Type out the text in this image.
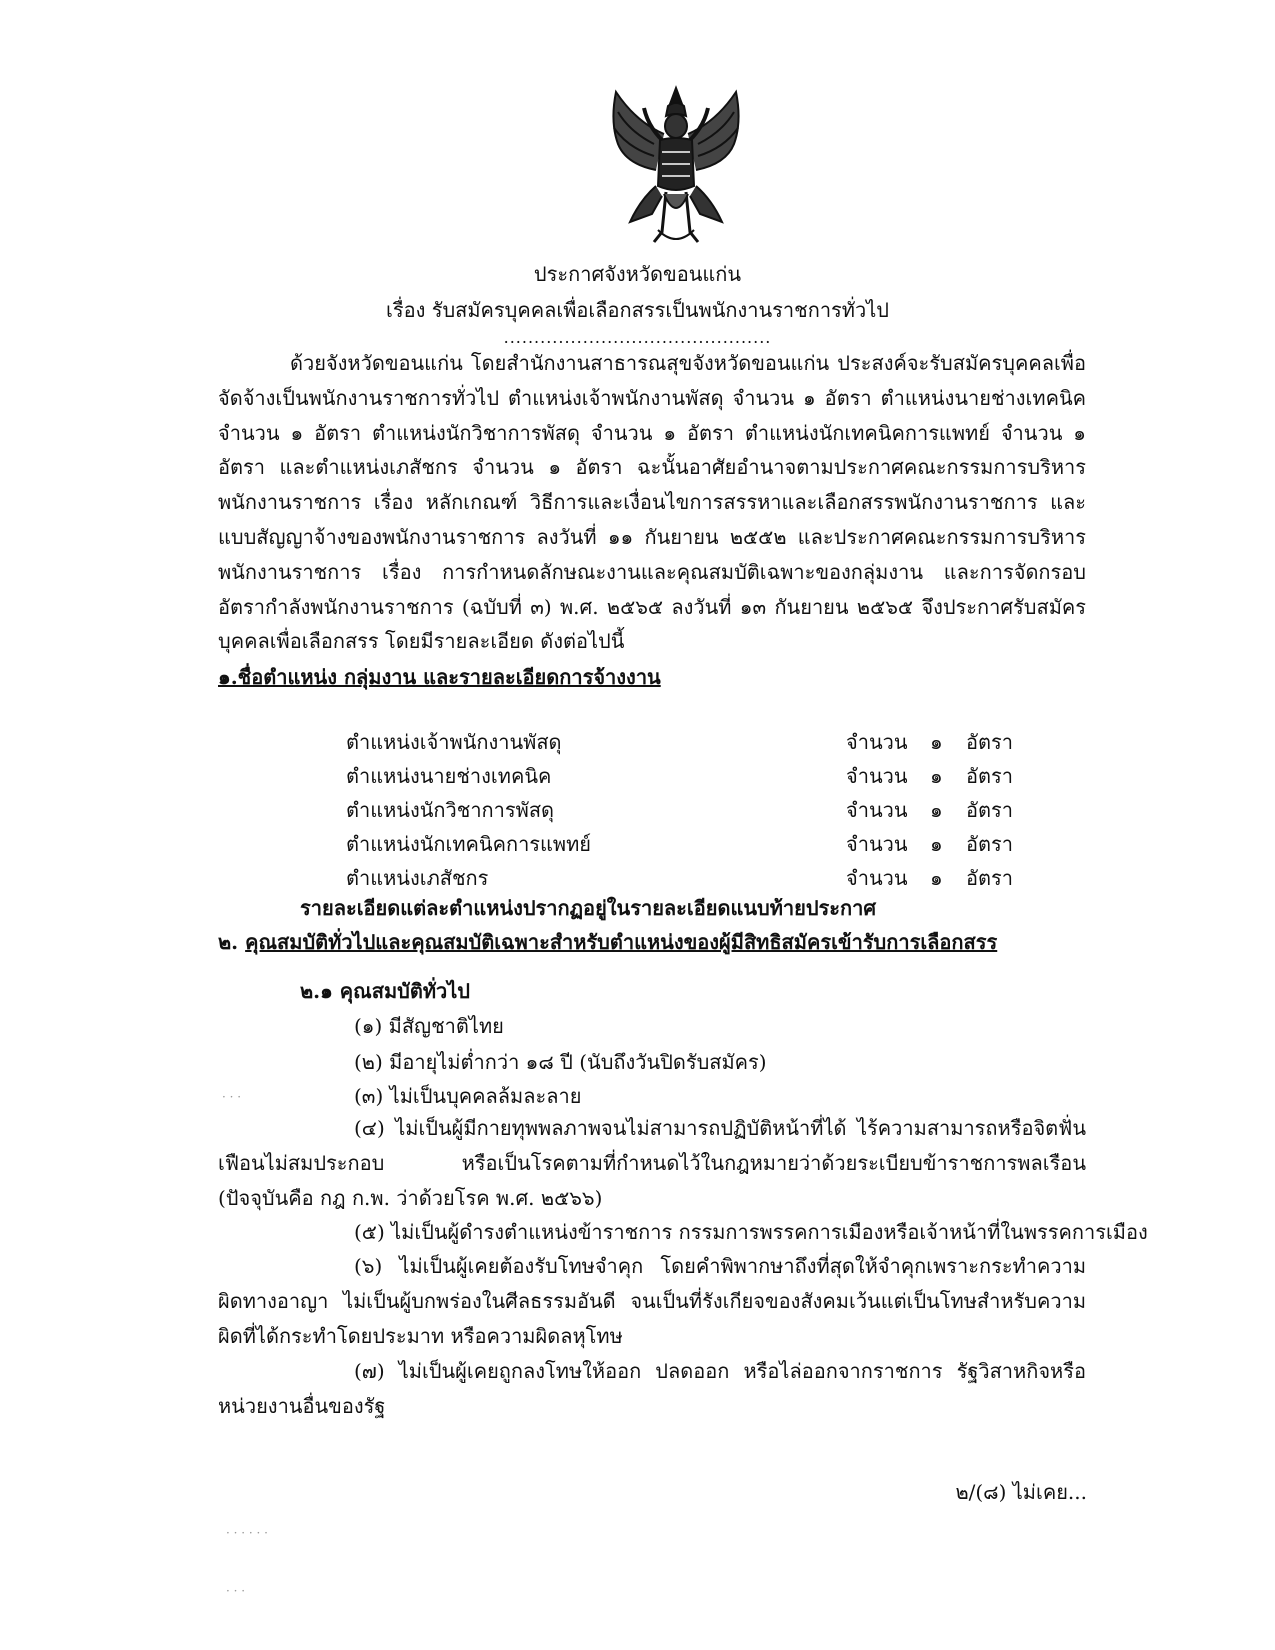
ประกาศจังหวัดขอนแก่น
เรื่อง รับสมัครบุคคลเพื่อเลือกสรรเป็นพนักงานราชการทั่วไป
............................................
ด้วยจังหวัดขอนแก่น โดยสำนักงานสาธารณสุขจังหวัดขอนแก่น ประสงค์จะรับสมัครบุคคลเพื่อจัดจ้างเป็นพนักงานราชการทั่วไป ตำแหน่งเจ้าพนักงานพัสดุ จำนวน ๑ อัตรา ตำแหน่งนายช่างเทคนิค จำนวน ๑ อัตรา ตำแหน่งนักวิชาการพัสดุ จำนวน ๑ อัตรา ตำแหน่งนักเทคนิคการแพทย์ จำนวน ๑ อัตรา และตำแหน่งเภสัชกร จำนวน ๑ อัตรา ฉะนั้นอาศัยอำนาจตามประกาศคณะกรรมการบริหารพนักงานราชการ เรื่อง หลักเกณฑ์ วิธีการและเงื่อนไขการสรรหาและเลือกสรรพนักงานราชการ และแบบสัญญาจ้างของพนักงานราชการ ลงวันที่ ๑๑ กันยายน ๒๕๕๒ และประกาศคณะกรรมการบริหารพนักงานราชการ เรื่อง การกำหนดลักษณะงานและคุณสมบัติเฉพาะของกลุ่มงาน และการจัดกรอบอัตรากำลังพนักงานราชการ (ฉบับที่ ๓) พ.ศ. ๒๕๖๕ ลงวันที่ ๑๓ กันยายน ๒๕๖๕ จึงประกาศรับสมัครบุคคลเพื่อเลือกสรร โดยมีรายละเอียด ดังต่อไปนี้
๑.ชื่อตำแหน่ง กลุ่มงาน และรายละเอียดการจ้างงาน
ตำแหน่งเจ้าพนักงานพัสดุ	จำนวน ๑ อัตรา
ตำแหน่งนายช่างเทคนิค	จำนวน ๑ อัตรา
ตำแหน่งนักวิชาการพัสดุ	จำนวน ๑ อัตรา
ตำแหน่งนักเทคนิคการแพทย์	จำนวน ๑ อัตรา
ตำแหน่งเภสัชกร	จำนวน ๑ อัตรา
รายละเอียดแต่ละตำแหน่งปรากฏอยู่ในรายละเอียดแนบท้ายประกาศ
๒. คุณสมบัติทั่วไปและคุณสมบัติเฉพาะสำหรับตำแหน่งของผู้มีสิทธิสมัครเข้ารับการเลือกสรร
๒.๑ คุณสมบัติทั่วไป
(๑) มีสัญชาติไทย
(๒) มีอายุไม่ต่ำกว่า ๑๘ ปี (นับถึงวันปิดรับสมัคร)
(๓) ไม่เป็นบุคคลล้มละลาย
(๔) ไม่เป็นผู้มีกายทุพพลภาพจนไม่สามารถปฏิบัติหน้าที่ได้ ไร้ความสามารถหรือจิตฟั่นเฟือนไม่สมประกอบ หรือเป็นโรคตามที่กำหนดไว้ในกฎหมายว่าด้วยระเบียบข้าราชการพลเรือน (ปัจจุบันคือ กฎ ก.พ. ว่าด้วยโรค พ.ศ. ๒๕๖๖)
(๕) ไม่เป็นผู้ดำรงตำแหน่งข้าราชการ กรรมการพรรคการเมืองหรือเจ้าหน้าที่ในพรรคการเมือง
(๖) ไม่เป็นผู้เคยต้องรับโทษจำคุก โดยคำพิพากษาถึงที่สุดให้จำคุกเพราะกระทำความผิดทางอาญา ไม่เป็นผู้บกพร่องในศีลธรรมอันดี จนเป็นที่รังเกียจของสังคมเว้นแต่เป็นโทษสำหรับความผิดที่ได้กระทำโดยประมาท หรือความผิดลหุโทษ
(๗) ไม่เป็นผู้เคยถูกลงโทษให้ออก ปลดออก หรือไล่ออกจากราชการ รัฐวิสาหกิจหรือหน่วยงานอื่นของรัฐ
๒/(๘) ไม่เคย...
· · ·
· · · · · ·
· · ·
